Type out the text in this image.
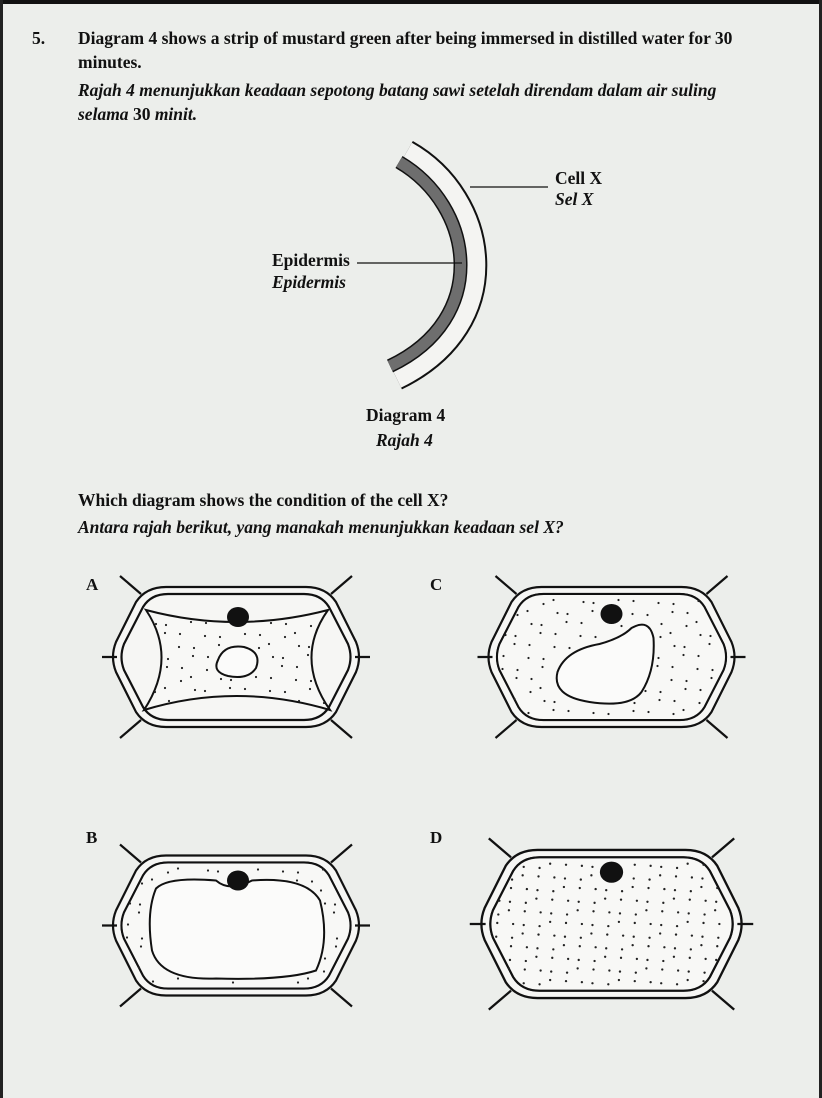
5. Diagram 4 shows a strip of mustard green after being immersed in distilled water for 30
minutes.
Rajah 4 menunjukkan keadaan sepotong batang sawi setelah direndam dalam air suling
selama 30 minit.
Cell X
Sel X
Epidermis
Epidermis
Diagram 4
Rajah 4
Which diagram shows the condition of the cell X?
Antara rajah berikut, yang manakah menunjukkan keadaan sel X?
A	C
B	D
